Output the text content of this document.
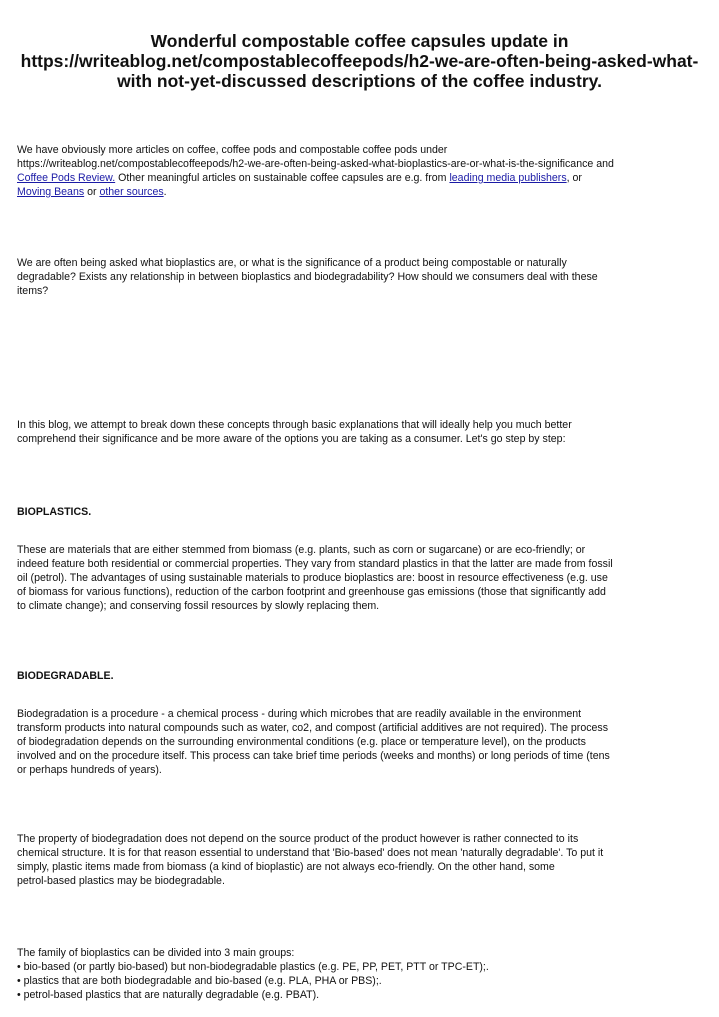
Wonderful compostable coffee capsules update in
https://writeablog.net/compostablecoffeepods/h2-we-are-often-being-asked-what-
with not-yet-discussed descriptions of the coffee industry.

We have obviously more articles on coffee, coffee pods and compostable coffee pods under
https://writeablog.net/compostablecoffeepods/h2-we-are-often-being-asked-what-bioplastics-are-or-what-is-the-significance and
Coffee Pods Review. Other meaningful articles on sustainable coffee capsules are e.g. from leading media publishers, or
Moving Beans or other sources.

We are often being asked what bioplastics are, or what is the significance of a product being compostable or naturally
degradable? Exists any relationship in between bioplastics and biodegradability? How should we consumers deal with these
items?

In this blog, we attempt to break down these concepts through basic explanations that will ideally help you much better
comprehend their significance and be more aware of the options you are taking as a consumer. Let's go step by step:

BIOPLASTICS.

These are materials that are either stemmed from biomass (e.g. plants, such as corn or sugarcane) or are eco-friendly; or
indeed feature both residential or commercial properties. They vary from standard plastics in that the latter are made from fossil
oil (petrol). The advantages of using sustainable materials to produce bioplastics are: boost in resource effectiveness (e.g. use
of biomass for various functions), reduction of the carbon footprint and greenhouse gas emissions (those that significantly add
to climate change); and conserving fossil resources by slowly replacing them.

BIODEGRADABLE.

Biodegradation is a procedure - a chemical process - during which microbes that are readily available in the environment
transform products into natural compounds such as water, co2, and compost (artificial additives are not required). The process
of biodegradation depends on the surrounding environmental conditions (e.g. place or temperature level), on the products
involved and on the procedure itself. This process can take brief time periods (weeks and months) or long periods of time (tens
or perhaps hundreds of years).

The property of biodegradation does not depend on the source product of the product however is rather connected to its
chemical structure. It is for that reason essential to understand that 'Bio-based' does not mean 'naturally degradable'. To put it
simply, plastic items made from biomass (a kind of bioplastic) are not always eco-friendly. On the other hand, some
petrol-based plastics may be biodegradable.

The family of bioplastics can be divided into 3 main groups:
• bio-based (or partly bio-based) but non-biodegradable plastics (e.g. PE, PP, PET, PTT or TPC-ET);.
• plastics that are both biodegradable and bio-based (e.g. PLA, PHA or PBS);.
• petrol-based plastics that are naturally degradable (e.g. PBAT).
